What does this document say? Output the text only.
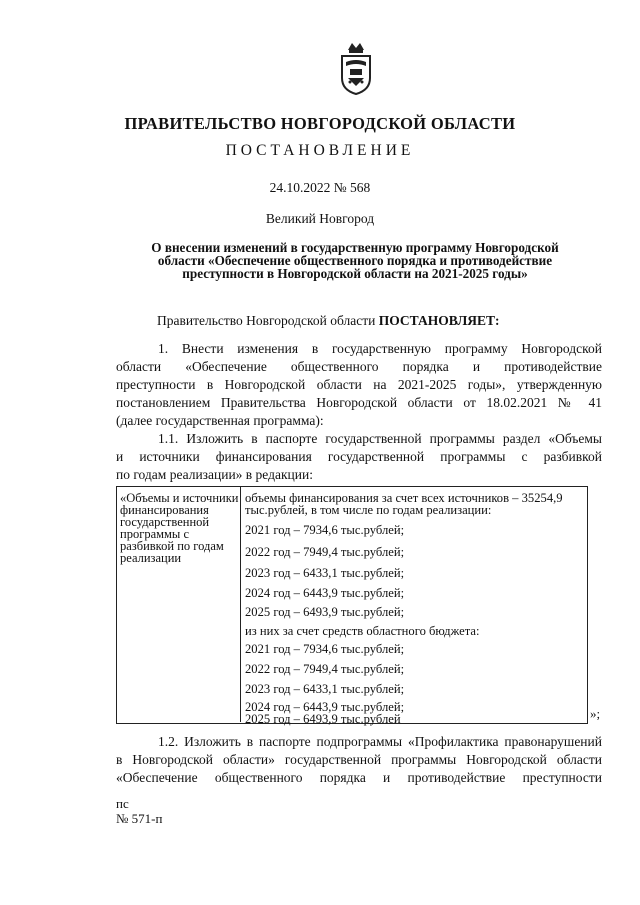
ПРАВИТЕЛЬСТВО НОВГОРОДСКОЙ ОБЛАСТИ
ПОСТАНОВЛЕНИЕ
24.10.2022 № 568
Великий Новгород
О внесении изменений в государственную программу Новгородской области «Обеспечение общественного порядка и противодействие преступности в Новгородской области на 2021-2025 годы»
Правительство Новгородской области ПОСТАНОВЛЯЕТ:
1. Внести изменения в государственную программу Новгородской
области «Обеспечение общественного порядка и противодействие
преступности в Новгородской области на 2021-2025 годы», утвержденную
постановлением Правительства Новгородской области от 18.02.2021 № 41
(далее государственная программа):
1.1. Изложить в паспорте государственной программы раздел «Объемы
и источники финансирования государственной программы с разбивкой
по годам реализации» в редакции:
«Объемы и источники финансирования государственной программы с разбивкой по годам реализации
объемы финансирования за счет всех источников – 35254,9 тыс.рублей, в том числе по годам реализации:
2021 год – 7934,6 тыс.рублей;
2022 год – 7949,4 тыс.рублей;
2023 год – 6433,1 тыс.рублей;
2024 год – 6443,9 тыс.рублей;
2025 год – 6493,9 тыс.рублей;
из них за счет средств областного бюджета:
2021 год – 7934,6 тыс.рублей;
2022 год – 7949,4 тыс.рублей;
2023 год – 6433,1 тыс.рублей;
2024 год – 6443,9 тыс.рублей;	»;
1.2. Изложить в паспорте подпрограммы «Профилактика правонарушений
в Новгородской области» государственной программы Новгородской области
«Обеспечение общественного порядка и противодействие преступности
пс
№ 571-п
2025 год – 6493,9 тыс.рублей
